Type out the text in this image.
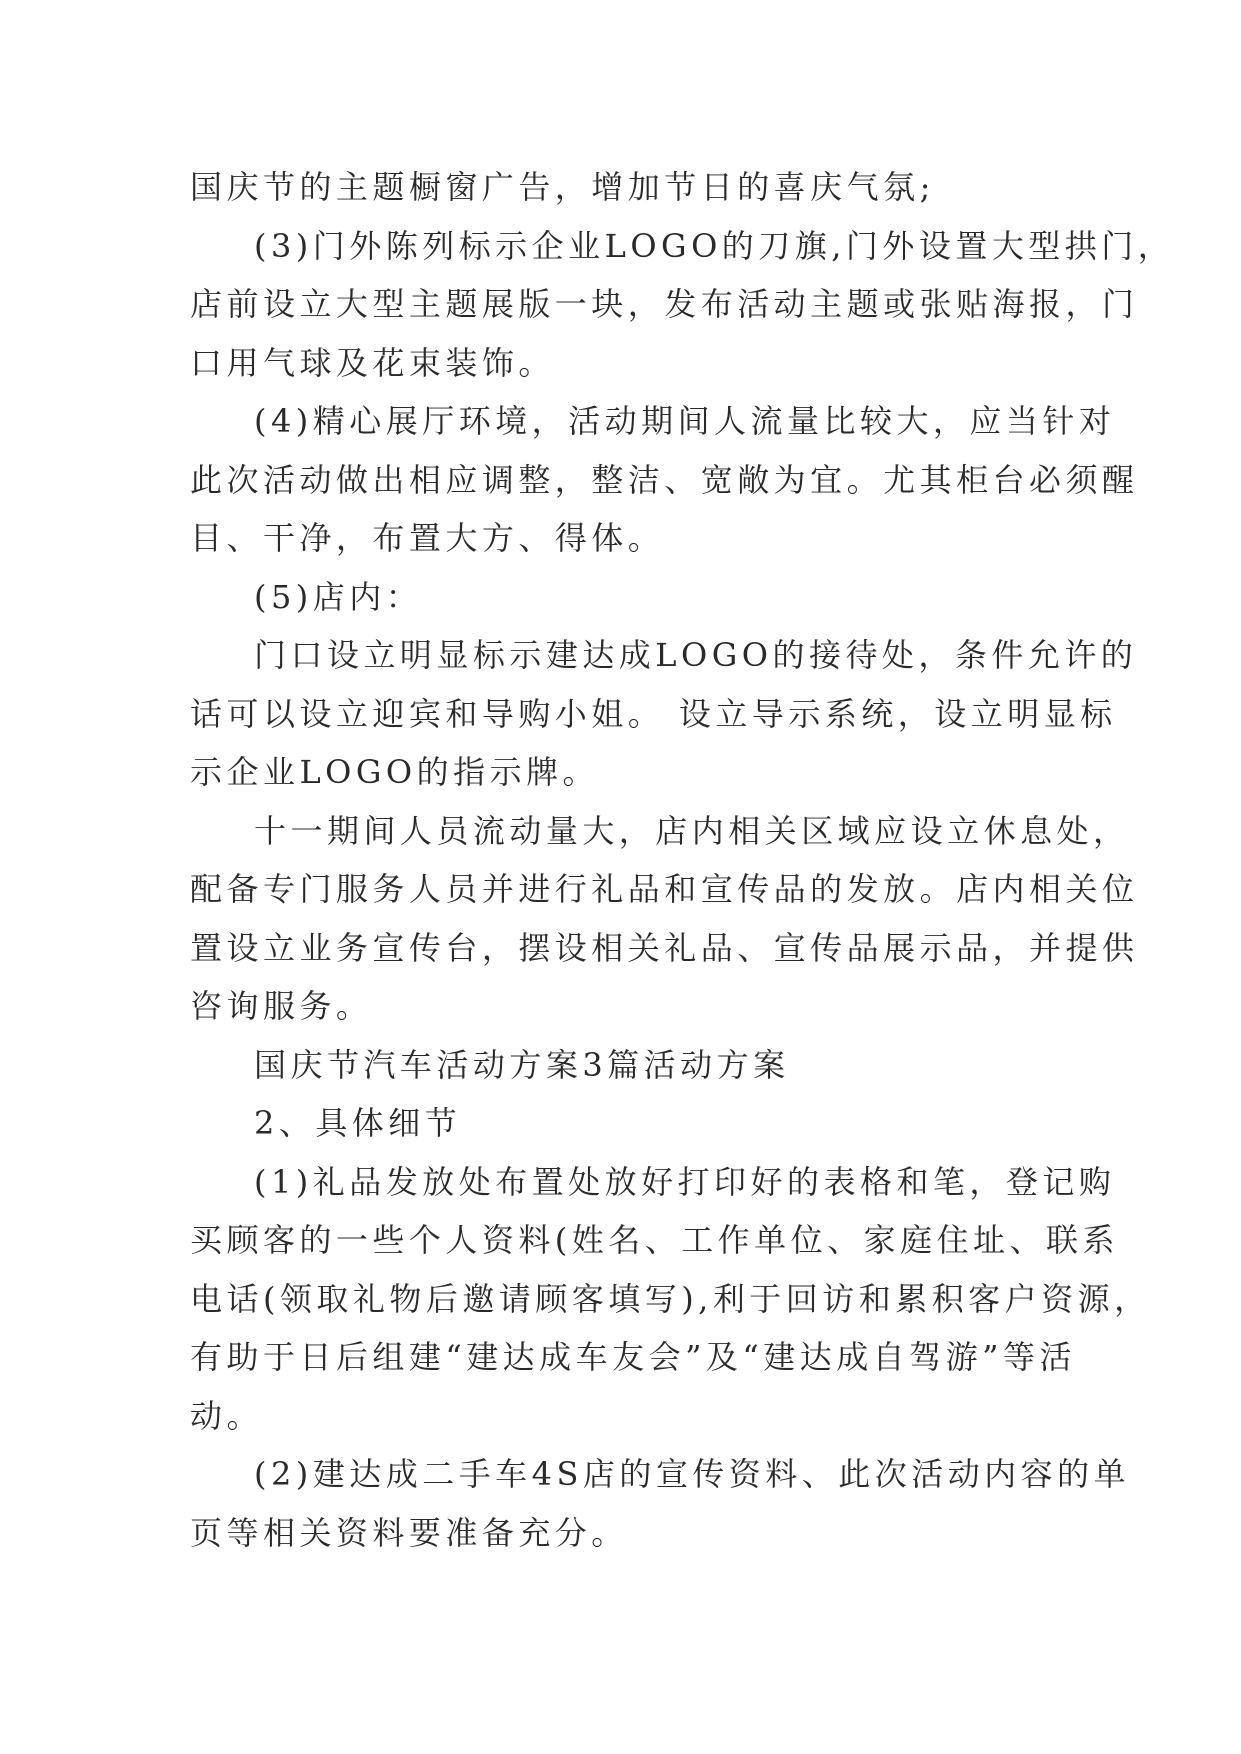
国庆节的主题橱窗广告，增加节日的喜庆气氛;

(3)门外陈列标示企业LOGO的刀旗,门外设置大型拱门，

店前设立大型主题展版一块，发布活动主题或张贴海报，门

口用气球及花束装饰。

(4)精心展厅环境，活动期间人流量比较大，应当针对

此次活动做出相应调整，整洁、宽敞为宜。尤其柜台必须醒

目、干净，布置大方、得体。

(5)店内：

门口设立明显标示建达成LOGO的接待处，条件允许的

话可以设立迎宾和导购小姐。 设立导示系统，设立明显标

示企业LOGO的指示牌。

十一期间人员流动量大，店内相关区域应设立休息处，

配备专门服务人员并进行礼品和宣传品的发放。店内相关位

置设立业务宣传台，摆设相关礼品、宣传品展示品，并提供

咨询服务。

国庆节汽车活动方案3篇活动方案

2、具体细节

(1)礼品发放处布置处放好打印好的表格和笔，登记购

买顾客的一些个人资料(姓名、工作单位、家庭住址、联系

电话(领取礼物后邀请顾客填写),利于回访和累积客户资源，

有助于日后组建“建达成车友会”及“建达成自驾游”等活

动。

(2)建达成二手车4S店的宣传资料、此次活动内容的单

页等相关资料要准备充分。
